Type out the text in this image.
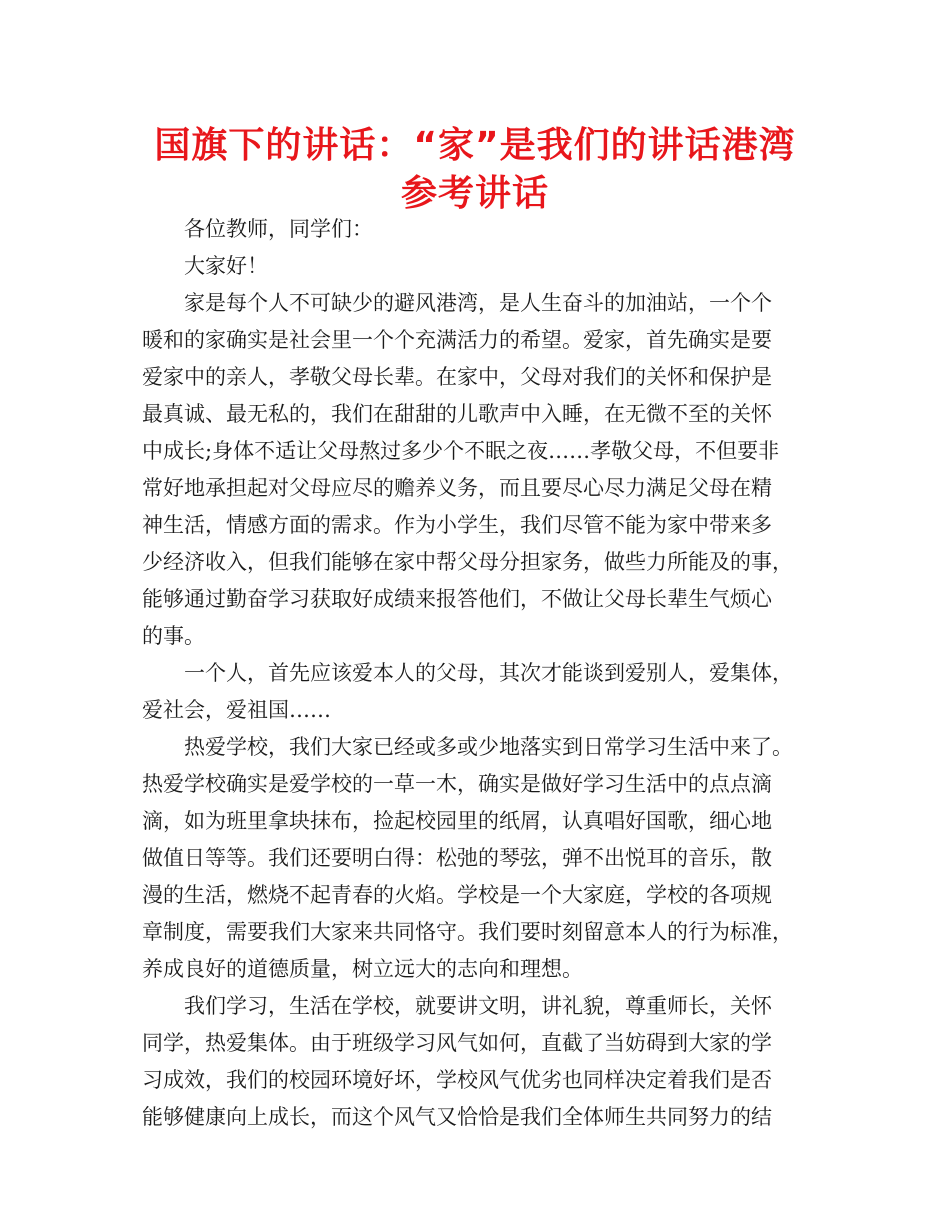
国旗下的讲话：“家”是我们的讲话港湾
参考讲话
各位教师，同学们：
大家好！
家是每个人不可缺少的避风港湾，是人生奋斗的加油站，一个个
暖和的家确实是社会里一个个充满活力的希望。爱家，首先确实是要
爱家中的亲人，孝敬父母长辈。在家中，父母对我们的关怀和保护是
最真诚、最无私的，我们在甜甜的儿歌声中入睡，在无微不至的关怀
中成长;身体不适让父母熬过多少个不眠之夜……孝敬父母，不但要非
常好地承担起对父母应尽的赡养义务，而且要尽心尽力满足父母在精
神生活，情感方面的需求。作为小学生，我们尽管不能为家中带来多
少经济收入，但我们能够在家中帮父母分担家务，做些力所能及的事，
能够通过勤奋学习获取好成绩来报答他们，不做让父母长辈生气烦心
的事。
一个人，首先应该爱本人的父母，其次才能谈到爱别人，爱集体，
爱社会，爱祖国……
热爱学校，我们大家已经或多或少地落实到日常学习生活中来了。
热爱学校确实是爱学校的一草一木，确实是做好学习生活中的点点滴
滴，如为班里拿块抹布，捡起校园里的纸屑，认真唱好国歌，细心地
做值日等等。我们还要明白得：松弛的琴弦，弹不出悦耳的音乐，散
漫的生活，燃烧不起青春的火焰。学校是一个大家庭，学校的各项规
章制度，需要我们大家来共同恪守。我们要时刻留意本人的行为标准，
养成良好的道德质量，树立远大的志向和理想。
我们学习，生活在学校，就要讲文明，讲礼貌，尊重师长，关怀
同学，热爱集体。由于班级学习风气如何，直截了当妨碍到大家的学
习成效，我们的校园环境好坏，学校风气优劣也同样决定着我们是否
能够健康向上成长，而这个风气又恰恰是我们全体师生共同努力的结
